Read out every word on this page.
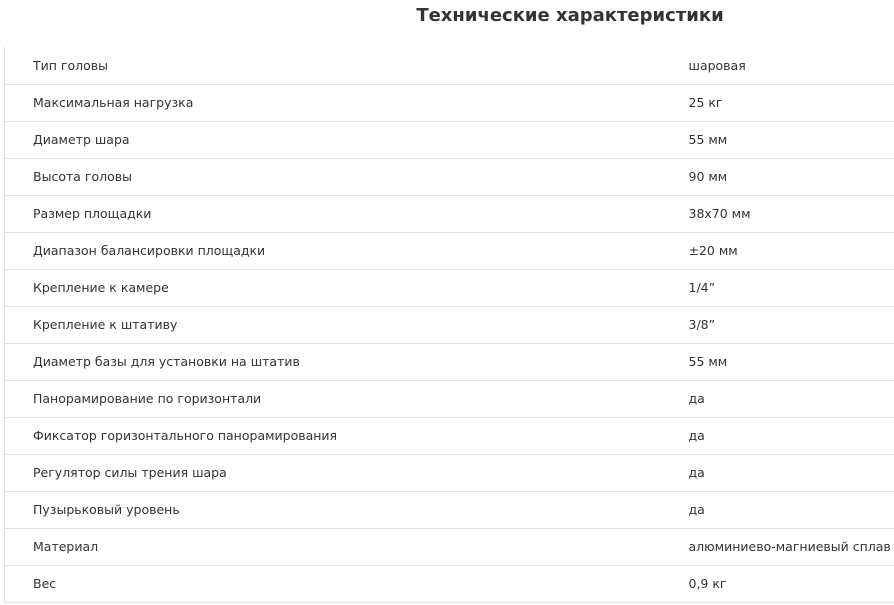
Технические характеристики
Тип головы	шаровая
Максимальная нагрузка	25 кг
Диаметр шара	55 мм
Высота головы	90 мм
Размер площадки	38x70 мм
Диапазон балансировки площадки	±20 мм
Крепление к камере	1/4”
Крепление к штативу	3/8”
Диаметр базы для установки на штатив	55 мм
Панорамирование по горизонтали	да
Фиксатор горизонтального панорамирования	да
Регулятор силы трения шара	да
Пузырьковый уровень	да
Материал	алюминиево-магниевый сплав
Вес	0,9 кг
